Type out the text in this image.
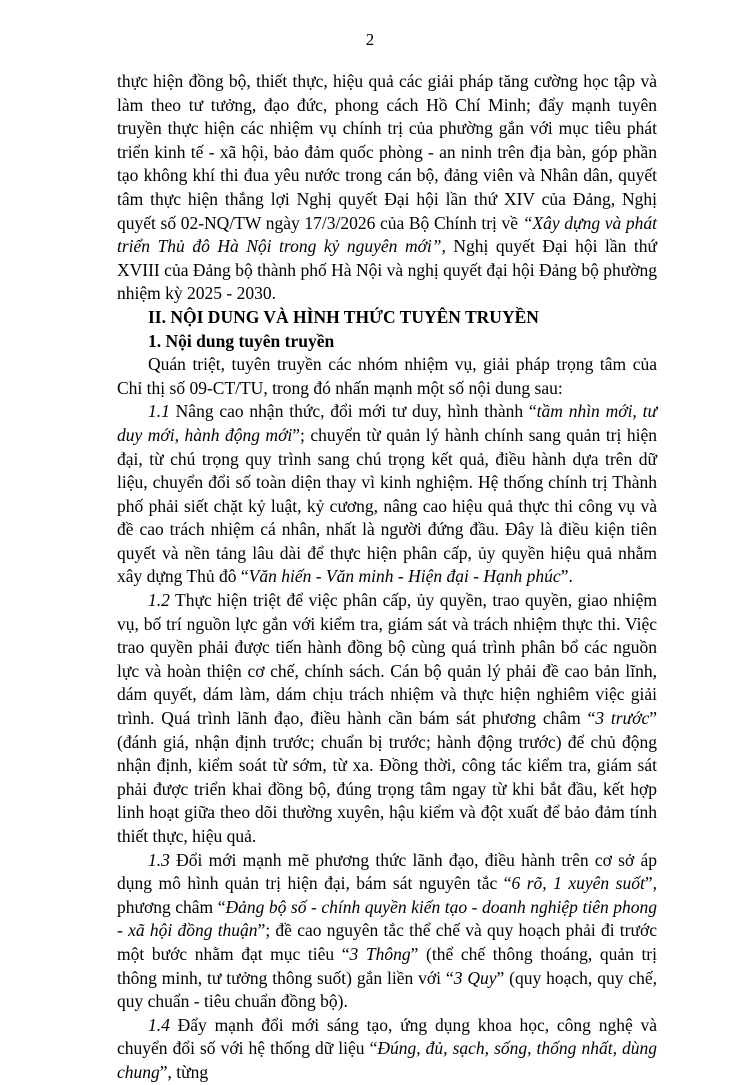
2

thực hiện đồng bộ, thiết thực, hiệu quả các giải pháp tăng cường học tập và làm theo tư tưởng, đạo đức, phong cách Hồ Chí Minh; đẩy mạnh tuyên truyền thực hiện các nhiệm vụ chính trị của phường gắn với mục tiêu phát triển kinh tế - xã hội, bảo đảm quốc phòng - an ninh trên địa bàn, góp phần tạo không khí thi đua yêu nước trong cán bộ, đảng viên và Nhân dân, quyết tâm thực hiện thắng lợi Nghị quyết Đại hội lần thứ XIV của Đảng, Nghị quyết số 02-NQ/TW ngày 17/3/2026 của Bộ Chính trị về “Xây dựng và phát triển Thủ đô Hà Nội trong kỷ nguyên mới”, Nghị quyết Đại hội lần thứ XVIII của Đảng bộ thành phố Hà Nội và nghị quyết đại hội Đảng bộ phường nhiệm kỳ 2025 - 2030.

II. NỘI DUNG VÀ HÌNH THỨC TUYÊN TRUYỀN

1. Nội dung tuyên truyền

Quán triệt, tuyên truyền các nhóm nhiệm vụ, giải pháp trọng tâm của Chỉ thị số 09-CT/TU, trong đó nhấn mạnh một số nội dung sau:

1.1 Nâng cao nhận thức, đổi mới tư duy, hình thành “tầm nhìn mới, tư duy mới, hành động mới”; chuyển từ quản lý hành chính sang quản trị hiện đại, từ chú trọng quy trình sang chú trọng kết quả, điều hành dựa trên dữ liệu, chuyển đổi số toàn diện thay vì kinh nghiệm. Hệ thống chính trị Thành phố phải siết chặt kỷ luật, kỷ cương, nâng cao hiệu quả thực thi công vụ và đề cao trách nhiệm cá nhân, nhất là người đứng đầu. Đây là điều kiện tiên quyết và nền tảng lâu dài để thực hiện phân cấp, ủy quyền hiệu quả nhằm xây dựng Thủ đô “Văn hiến - Văn minh - Hiện đại - Hạnh phúc”.

1.2 Thực hiện triệt để việc phân cấp, ủy quyền, trao quyền, giao nhiệm vụ, bố trí nguồn lực gắn với kiểm tra, giám sát và trách nhiệm thực thi. Việc trao quyền phải được tiến hành đồng bộ cùng quá trình phân bổ các nguồn lực và hoàn thiện cơ chế, chính sách. Cán bộ quản lý phải đề cao bản lĩnh, dám quyết, dám làm, dám chịu trách nhiệm và thực hiện nghiêm việc giải trình. Quá trình lãnh đạo, điều hành cần bám sát phương châm “3 trước” (đánh giá, nhận định trước; chuẩn bị trước; hành động trước) để chủ động nhận định, kiểm soát từ sớm, từ xa. Đồng thời, công tác kiểm tra, giám sát phải được triển khai đồng bộ, đúng trọng tâm ngay từ khi bắt đầu, kết hợp linh hoạt giữa theo dõi thường xuyên, hậu kiểm và đột xuất để bảo đảm tính thiết thực, hiệu quả.

1.3 Đổi mới mạnh mẽ phương thức lãnh đạo, điều hành trên cơ sở áp dụng mô hình quản trị hiện đại, bám sát nguyên tắc “6 rõ, 1 xuyên suốt”, phương châm “Đảng bộ số - chính quyền kiến tạo - doanh nghiệp tiên phong - xã hội đồng thuận”; đề cao nguyên tắc thể chế và quy hoạch phải đi trước một bước nhằm đạt mục tiêu “3 Thông” (thể chế thông thoáng, quản trị thông minh, tư tưởng thông suốt) gắn liền với “3 Quy” (quy hoạch, quy chế, quy chuẩn - tiêu chuẩn đồng bộ).

1.4 Đẩy mạnh đổi mới sáng tạo, ứng dụng khoa học, công nghệ và chuyển đổi số với hệ thống dữ liệu “Đúng, đủ, sạch, sống, thống nhất, dùng chung”, từng
